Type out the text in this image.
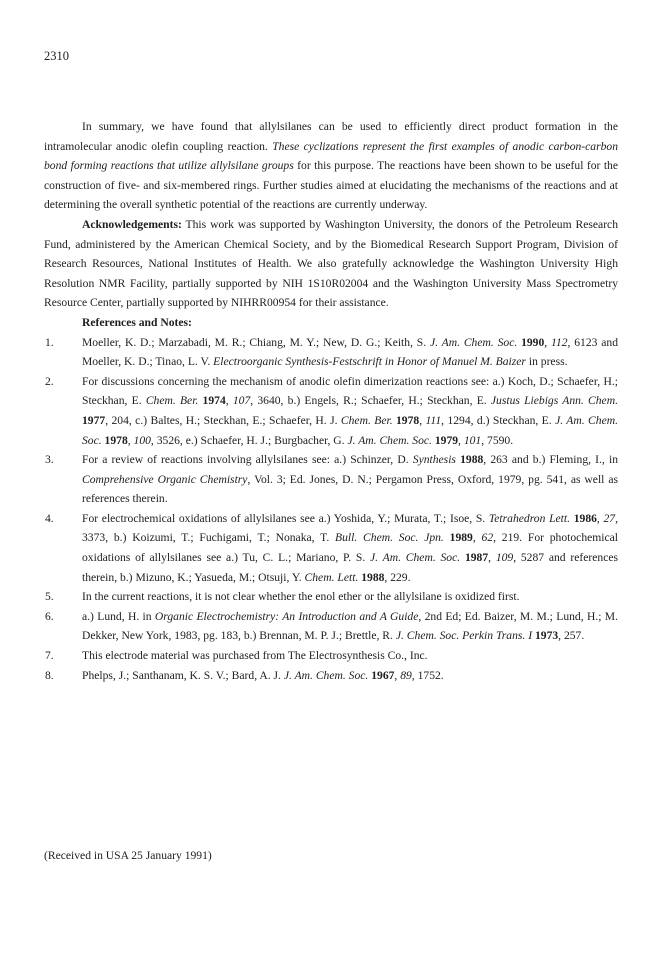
2310

In summary, we have found that allylsilanes can be used to efficiently direct product formation in the intramolecular anodic olefin coupling reaction. These cyclizations represent the first examples of anodic carbon-carbon bond forming reactions that utilize allylsilane groups for this purpose. The reactions have been shown to be useful for the construction of five- and six-membered rings. Further studies aimed at elucidating the mechanisms of the reactions and at determining the overall synthetic potential of the reactions are currently underway.

Acknowledgements: This work was supported by Washington University, the donors of the Petroleum Research Fund, administered by the American Chemical Society, and by the Biomedical Research Support Program, Division of Research Resources, National Institutes of Health. We also gratefully acknowledge the Washington University High Resolution NMR Facility, partially supported by NIH 1S10R02004 and the Washington University Mass Spectrometry Resource Center, partially supported by NIHRR00954 for their assistance.

References and Notes:

1. Moeller, K. D.; Marzabadi, M. R.; Chiang, M. Y.; New, D. G.; Keith, S. J. Am. Chem. Soc. 1990, 112, 6123 and Moeller, K. D.; Tinao, L. V. Electroorganic Synthesis-Festschrift in Honor of Manuel M. Baizer in press.
2. For discussions concerning the mechanism of anodic olefin dimerization reactions see: a.) Koch, D.; Schaefer, H.; Steckhan, E. Chem. Ber. 1974, 107, 3640, b.) Engels, R.; Schaefer, H.; Steckhan, E. Justus Liebigs Ann. Chem. 1977, 204, c.) Baltes, H.; Steckhan, E.; Schaefer, H. J. Chem. Ber. 1978, 111, 1294, d.) Steckhan, E. J. Am. Chem. Soc. 1978, 100, 3526, e.) Schaefer, H. J.; Burgbacher, G. J. Am. Chem. Soc. 1979, 101, 7590.
3. For a review of reactions involving allylsilanes see: a.) Schinzer, D. Synthesis 1988, 263 and b.) Fleming, I., in Comprehensive Organic Chemistry, Vol. 3; Ed. Jones, D. N.; Pergamon Press, Oxford, 1979, pg. 541, as well as references therein.
4. For electrochemical oxidations of allylsilanes see a.) Yoshida, Y.; Murata, T.; Isoe, S. Tetrahedron Lett. 1986, 27, 3373, b.) Koizumi, T.; Fuchigami, T.; Nonaka, T. Bull. Chem. Soc. Jpn. 1989, 62, 219. For photochemical oxidations of allylsilanes see a.) Tu, C. L.; Mariano, P. S. J. Am. Chem. Soc. 1987, 109, 5287 and references therein, b.) Mizuno, K.; Yasueda, M.; Otsuji, Y. Chem. Lett. 1988, 229.
5. In the current reactions, it is not clear whether the enol ether or the allylsilane is oxidized first.
6. a.) Lund, H. in Organic Electrochemistry: An Introduction and A Guide, 2nd Ed; Ed. Baizer, M. M.; Lund, H.; M. Dekker, New York, 1983, pg. 183, b.) Brennan, M. P. J.; Brettle, R. J. Chem. Soc. Perkin Trans. I 1973, 257.
7. This electrode material was purchased from The Electrosynthesis Co., Inc.
8. Phelps, J.; Santhanam, K. S. V.; Bard, A. J. J. Am. Chem. Soc. 1967, 89, 1752.
(Received in USA 25 January 1991)
